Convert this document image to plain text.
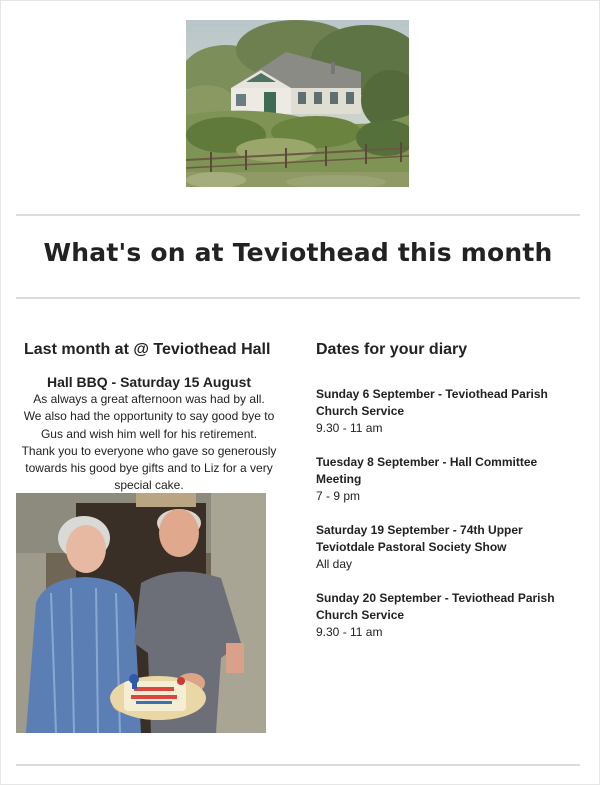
What's on at Teviothead this month
Last month at @ Teviothead Hall
Hall BBQ - Saturday 15 August
As always a great afternoon was had by all.
We also had the opportunity to say good bye to
Gus and wish him well for his retirement.
Thank you to everyone who gave so generously
towards his good bye gifts and to Liz for a very
special cake.
Dates for your diary
Sunday 6 September - Teviothead Parish
Church Service
9.30 - 11 am
Tuesday 8 September - Hall Committee
Meeting
7 - 9 pm
Saturday 19 September - 74th Upper
Teviotdale Pastoral Society Show
All day
Sunday 20 September - Teviothead Parish
Church Service
9.30 - 11 am
